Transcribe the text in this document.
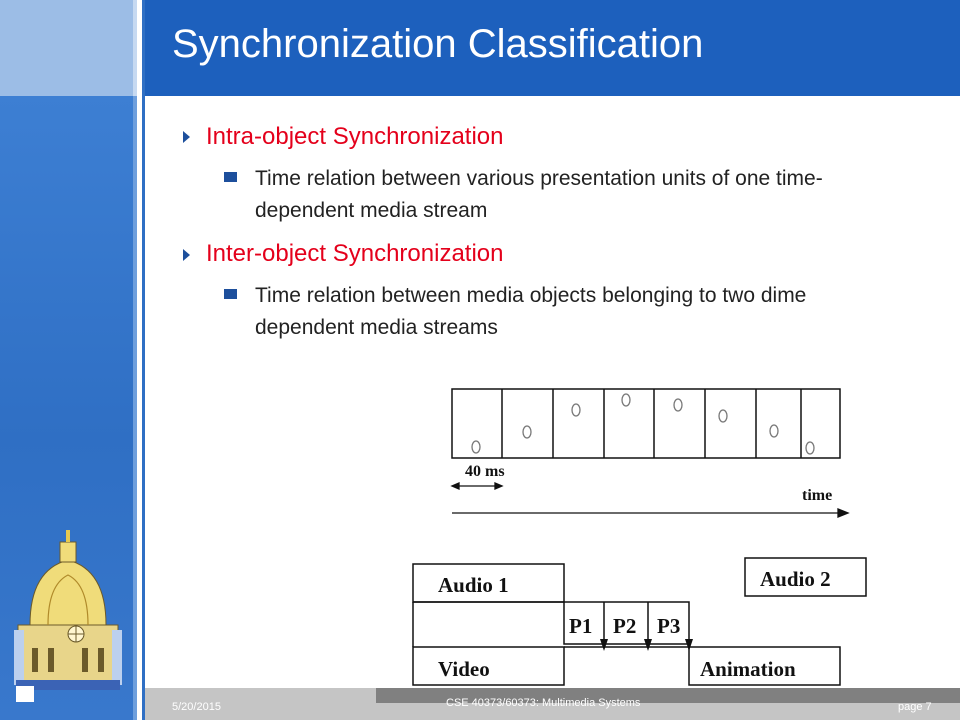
Synchronization Classification
Intra-object Synchronization
Time relation between various presentation units of one time-dependent media stream
Inter-object Synchronization
Time relation between media objects belonging to two dime dependent media streams
40 ms
time
Audio 1	Audio 2
P1 P2 P3
Video	Animation
5/20/2015	CSE 40373/60373: Multimedia Systems	page 7
